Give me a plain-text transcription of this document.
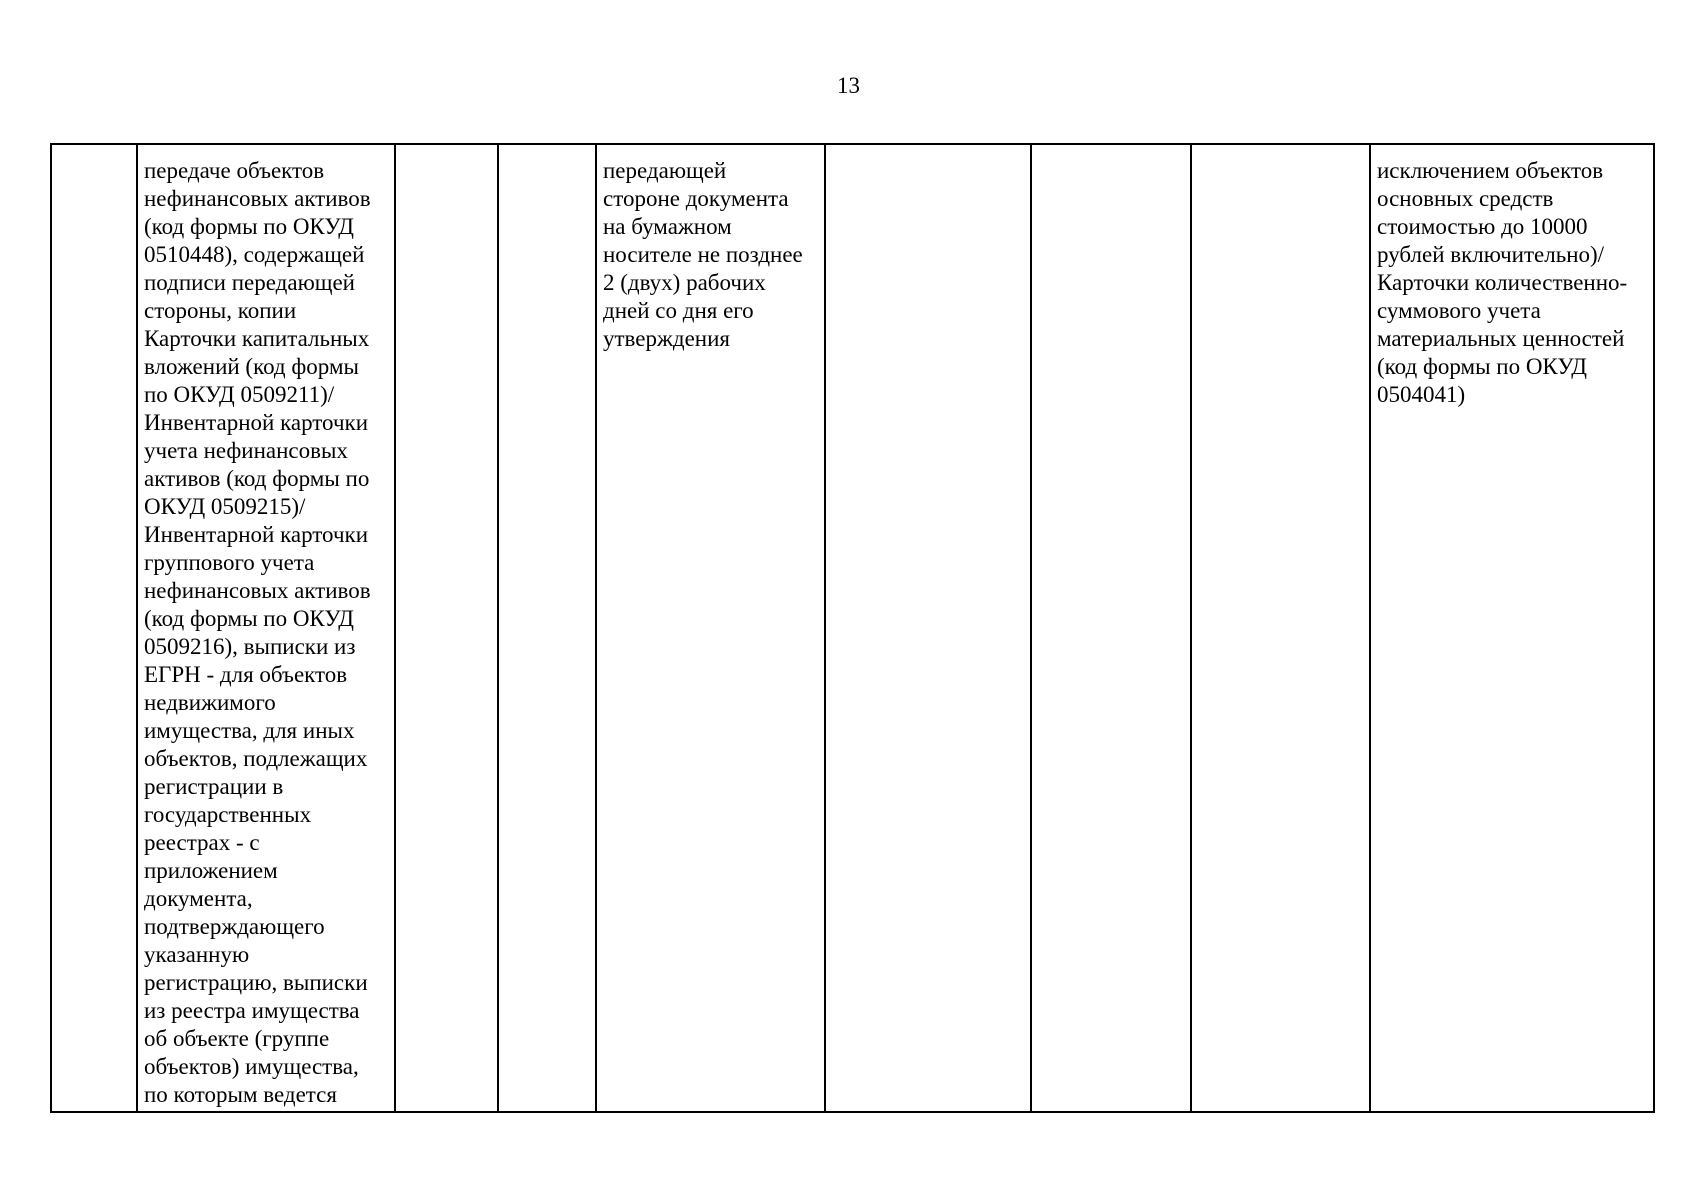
13
	передаче объектов
нефинансовых активов
(код формы по ОКУД
0510448), содержащей
подписи передающей
стороны, копии
Карточки капитальных
вложений (код формы
по ОКУД 0509211)/
Инвентарной карточки
учета нефинансовых
активов (код формы по
ОКУД 0509215)/
Инвентарной карточки
группового учета
нефинансовых активов
(код формы по ОКУД
0509216), выписки из
ЕГРН - для объектов
недвижимого
имущества, для иных
объектов, подлежащих
регистрации в
государственных
реестрах - с
приложением
документа,
подтверждающего
указанную
регистрацию, выписки
из реестра имущества
об объекте (группе
объектов) имущества,
по которым ведется			передающей
стороне документа
на бумажном
носителе не позднее
2 (двух) рабочих
дней со дня его
утверждения				исключением объектов
основных средств
стоимостью до 10000
рублей включительно)/
Карточки количественно-
суммового учета
материальных ценностей
(код формы по ОКУД
0504041)
